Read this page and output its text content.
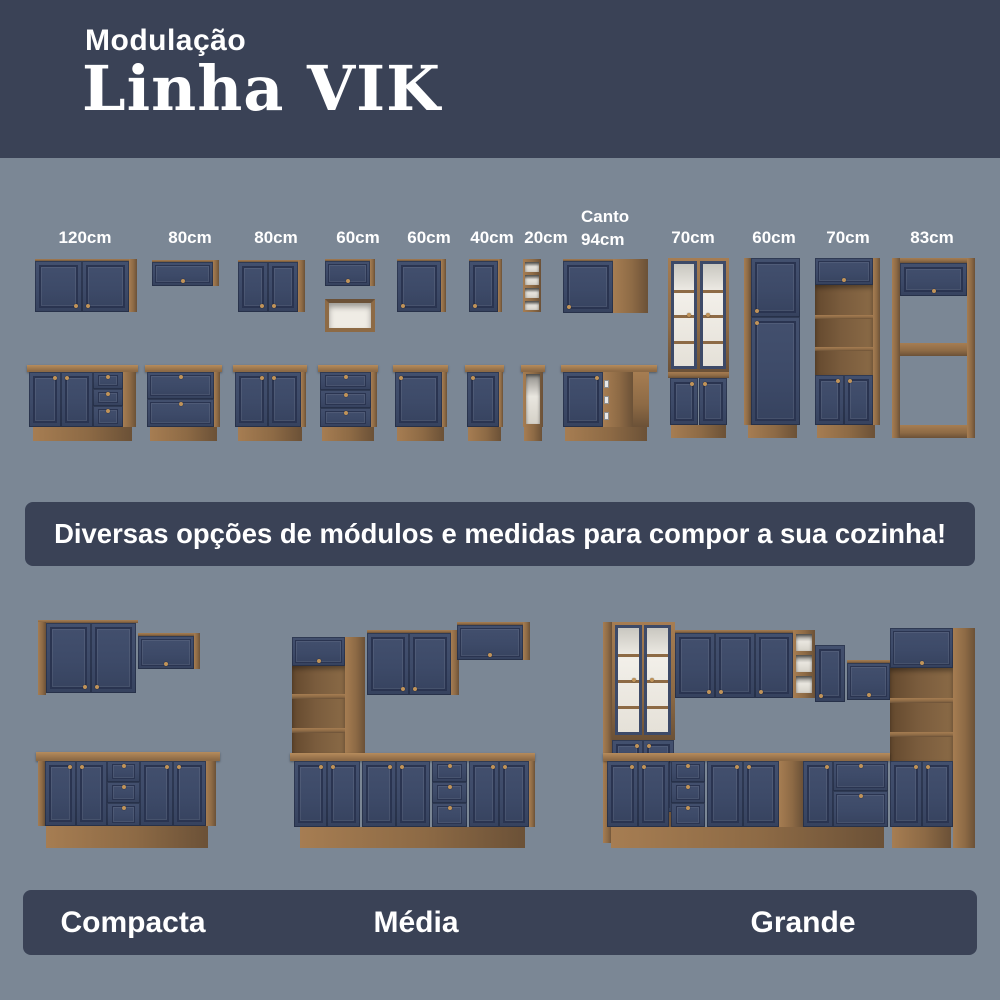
Modulação
Linha VIK
120cm	80cm	80cm 60cm 60cm 40cm 20cm
Canto
94cm	70cm 60cm 70cm 83cm
Diversas opções de módulos e medidas para compor a sua cozinha!
Compacta	Média	Grande
